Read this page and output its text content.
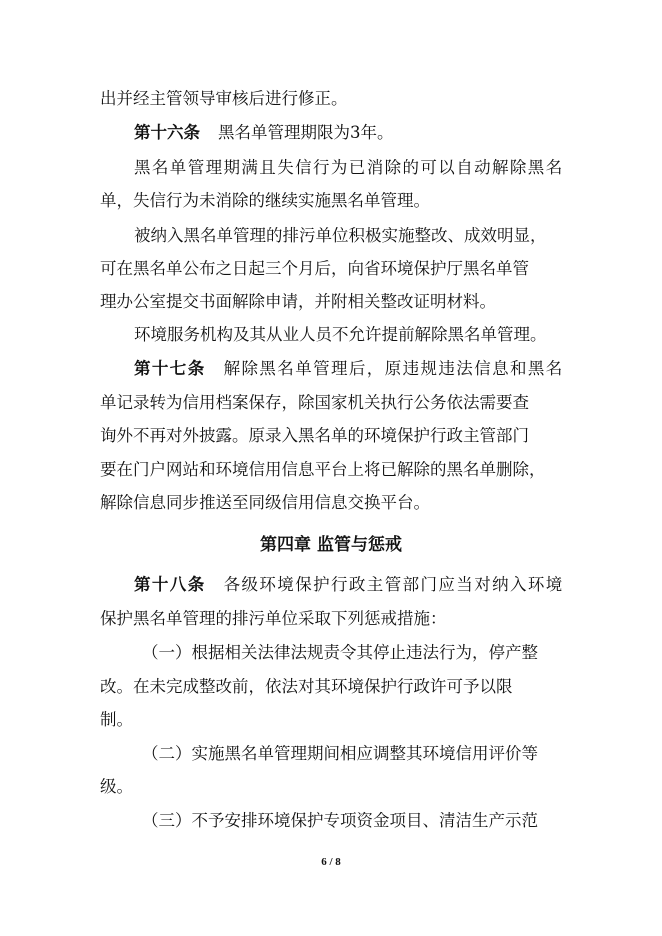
出并经主管领导审核后进行修正。
第十六条 黑名单管理期限为3年。
黑名单管理期满且失信行为已消除的可以自动解除黑名
单，失信行为未消除的继续实施黑名单管理。
被纳入黑名单管理的排污单位积极实施整改、成效明显，
可在黑名单公布之日起三个月后，向省环境保护厅黑名单管
理办公室提交书面解除申请，并附相关整改证明材料。
环境服务机构及其从业人员不允许提前解除黑名单管理。
第十七条 解除黑名单管理后，原违规违法信息和黑名
单记录转为信用档案保存，除国家机关执行公务依法需要查
询外不再对外披露。原录入黑名单的环境保护行政主管部门
要在门户网站和环境信用信息平台上将已解除的黑名单删除，
解除信息同步推送至同级信用信息交换平台。
第四章 监管与惩戒
第十八条 各级环境保护行政主管部门应当对纳入环境
保护黑名单管理的排污单位采取下列惩戒措施：
（一）根据相关法律法规责令其停止违法行为，停产整
改。在未完成整改前，依法对其环境保护行政许可予以限
制。
（二）实施黑名单管理期间相应调整其环境信用评价等
级。
（三）不予安排环境保护专项资金项目、清洁生产示范
6 / 8
